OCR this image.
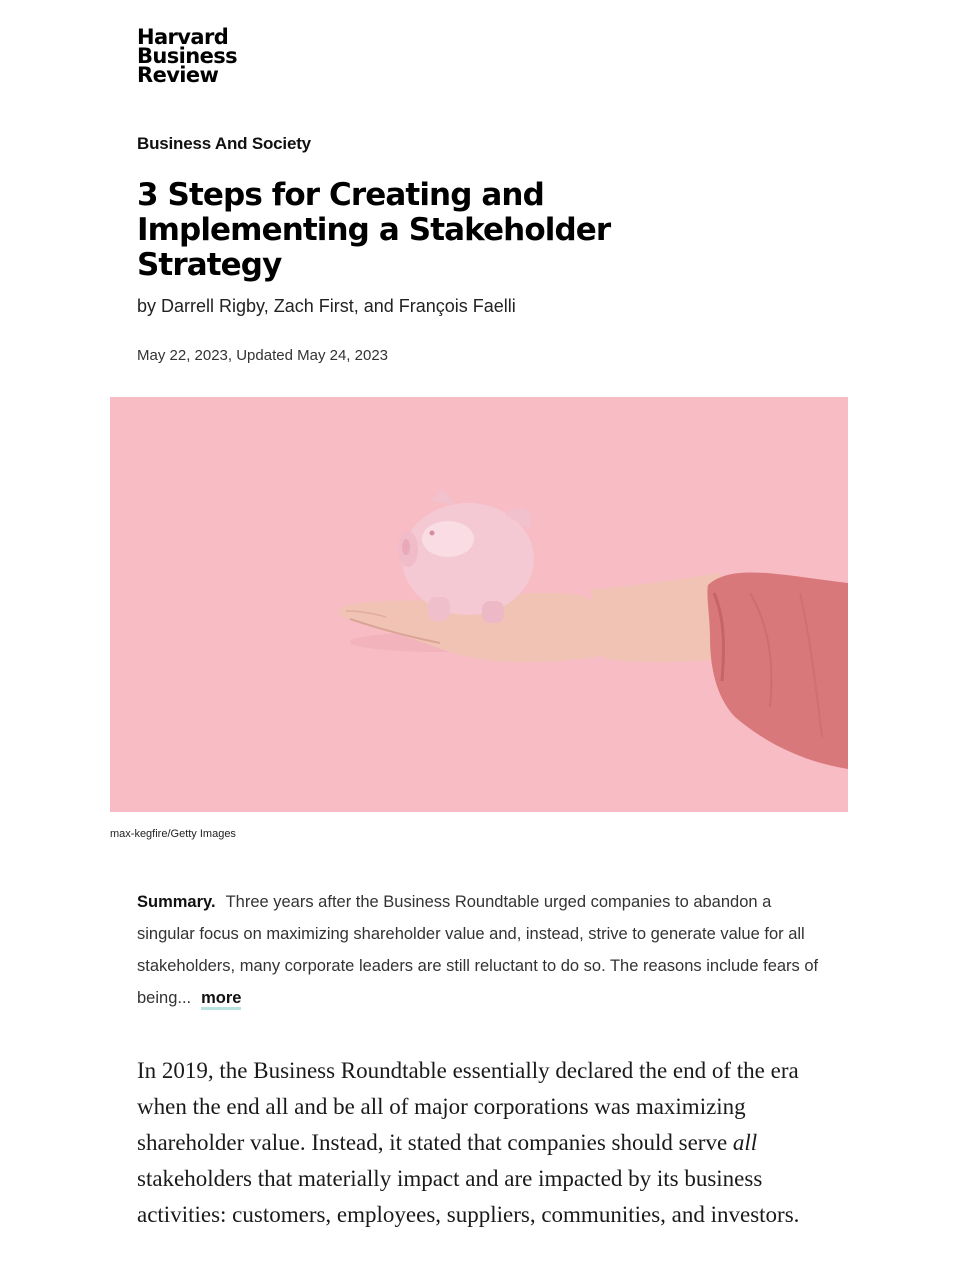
Harvard
Business
Review
Business And Society
3 Steps for Creating and Implementing a Stakeholder Strategy
by Darrell Rigby, Zach First, and François Faelli
May 22, 2023, Updated May 24, 2023
max-kegfire/Getty Images

Summary. Three years after the Business Roundtable urged companies to abandon a singular focus on maximizing shareholder value and, instead, strive to generate value for all stakeholders, many corporate leaders are still reluctant to do so. The reasons include fears of being... more

In 2019, the Business Roundtable essentially declared the end of the era when the end all and be all of major corporations was maximizing shareholder value. Instead, it stated that companies should serve all stakeholders that materially impact and are impacted by its business activities: customers, employees, suppliers, communities, and investors.
